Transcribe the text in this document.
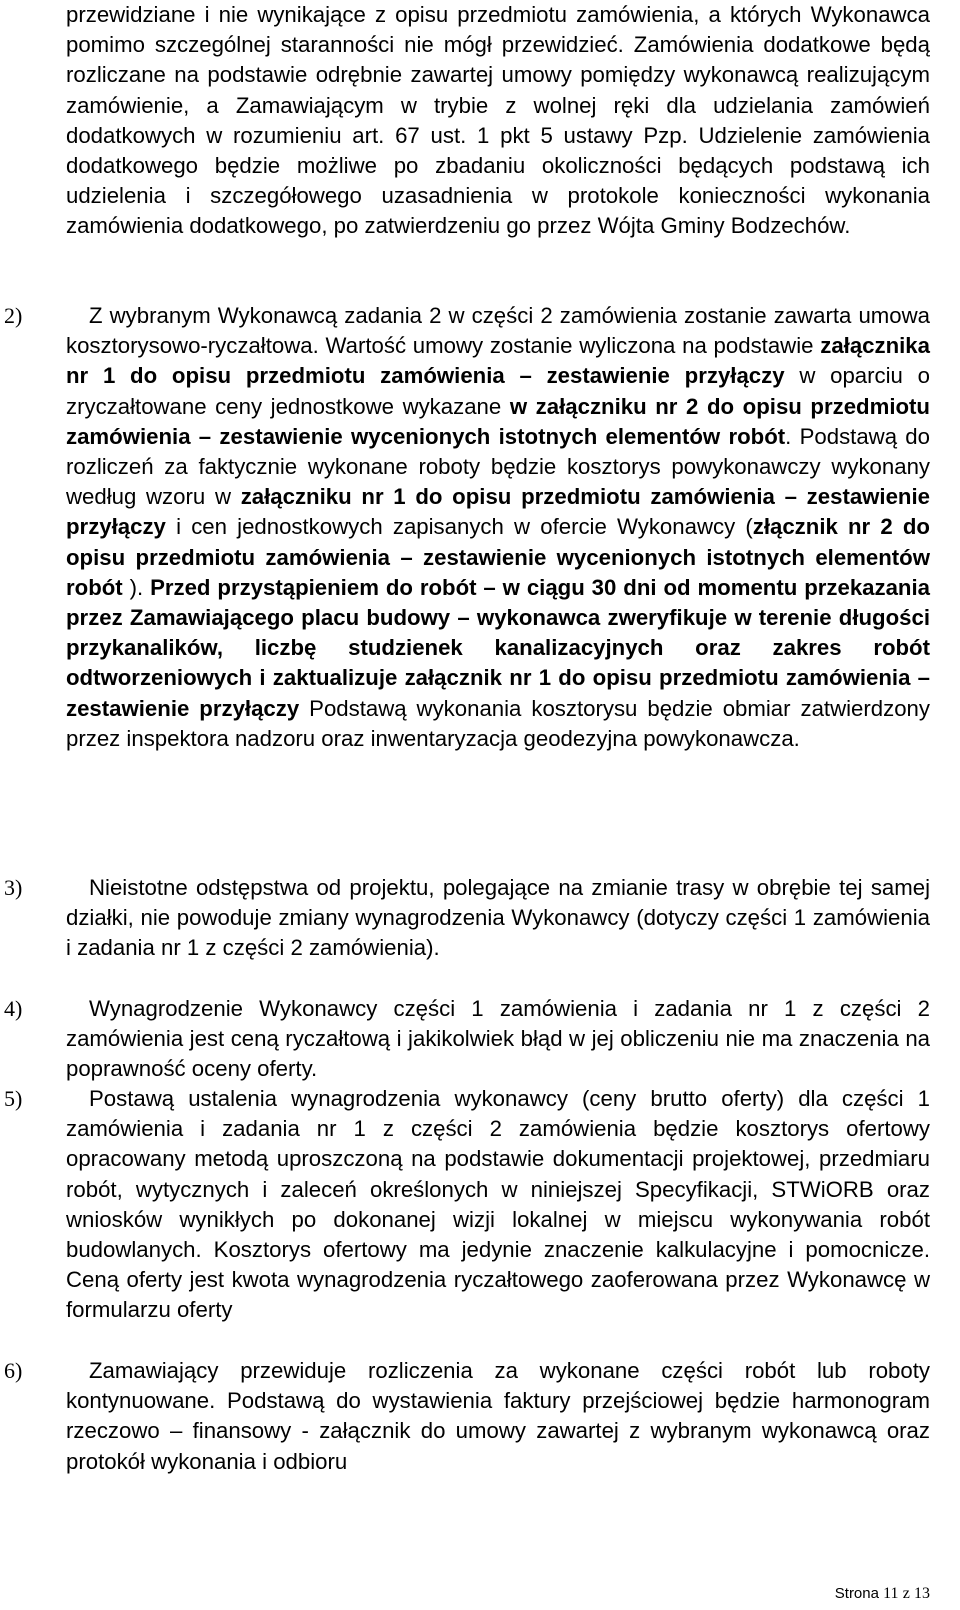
przewidziane i nie wynikające z opisu przedmiotu zamówienia, a których Wykonawca pomimo szczególnej staranności nie mógł przewidzieć. Zamówienia dodatkowe będą rozliczane na podstawie odrębnie zawartej umowy pomiędzy wykonawcą realizującym zamówienie, a Zamawiającym w trybie z wolnej ręki dla udzielania zamówień dodatkowych w rozumieniu art. 67 ust. 1 pkt 5 ustawy Pzp. Udzielenie zamówienia dodatkowego będzie możliwe po zbadaniu okoliczności będących podstawą ich udzielenia i szczegółowego uzasadnienia w protokole konieczności wykonania zamówienia dodatkowego, po zatwierdzeniu go przez Wójta Gminy Bodzechów.
2)	Z wybranym Wykonawcą zadania 2 w części 2 zamówienia zostanie zawarta umowa kosztorysowo-ryczałtowa. Wartość umowy zostanie wyliczona na podstawie załącznika nr 1 do opisu przedmiotu zamówienia – zestawienie przyłączy w oparciu o zryczałtowane ceny jednostkowe wykazane w załączniku nr 2 do opisu przedmiotu zamówienia – zestawienie wycenionych istotnych elementów robót. Podstawą do rozliczeń za faktycznie wykonane roboty będzie kosztorys powykonawczy wykonany według wzoru w załączniku nr 1 do opisu przedmiotu zamówienia – zestawienie przyłączy i cen jednostkowych zapisanych w ofercie Wykonawcy (złącznik nr 2 do opisu przedmiotu zamówienia – zestawienie wycenionych istotnych elementów robót ). Przed przystąpieniem do robót – w ciągu 30 dni od momentu przekazania przez Zamawiającego placu budowy – wykonawca zweryfikuje w terenie długości przykanalików, liczbę studzienek kanalizacyjnych oraz zakres robót odtworzeniowych i zaktualizuje załącznik nr 1 do opisu przedmiotu zamówienia – zestawienie przyłączy Podstawą wykonania kosztorysu będzie obmiar zatwierdzony przez inspektora nadzoru oraz inwentaryzacja geodezyjna powykonawcza.
3)	Nieistotne odstępstwa od projektu, polegające na zmianie trasy w obrębie tej samej działki, nie powoduje zmiany wynagrodzenia Wykonawcy (dotyczy części 1 zamówienia i zadania nr 1 z części 2 zamówienia).
4)	Wynagrodzenie Wykonawcy części 1 zamówienia i zadania nr 1 z części 2 zamówienia jest ceną ryczałtową i jakikolwiek błąd w jej obliczeniu nie ma znaczenia na poprawność oceny oferty.
5)	Postawą ustalenia wynagrodzenia wykonawcy (ceny brutto oferty) dla części 1 zamówienia i zadania nr 1 z części 2 zamówienia będzie kosztorys ofertowy opracowany metodą uproszczoną na podstawie dokumentacji projektowej, przedmiaru robót, wytycznych i zaleceń określonych w niniejszej Specyfikacji, STWiORB oraz wniosków wynikłych po dokonanej wizji lokalnej w miejscu wykonywania robót budowlanych. Kosztorys ofertowy ma jedynie znaczenie kalkulacyjne i pomocnicze. Ceną oferty jest kwota wynagrodzenia ryczałtowego zaoferowana przez Wykonawcę w formularzu oferty
6)	Zamawiający przewiduje rozliczenia za wykonane części robót lub roboty kontynuowane. Podstawą do wystawienia faktury przejściowej będzie harmonogram rzeczowo – finansowy - załącznik do umowy zawartej z wybranym wykonawcą oraz protokół wykonania i odbioru
Strona 11 z 13
